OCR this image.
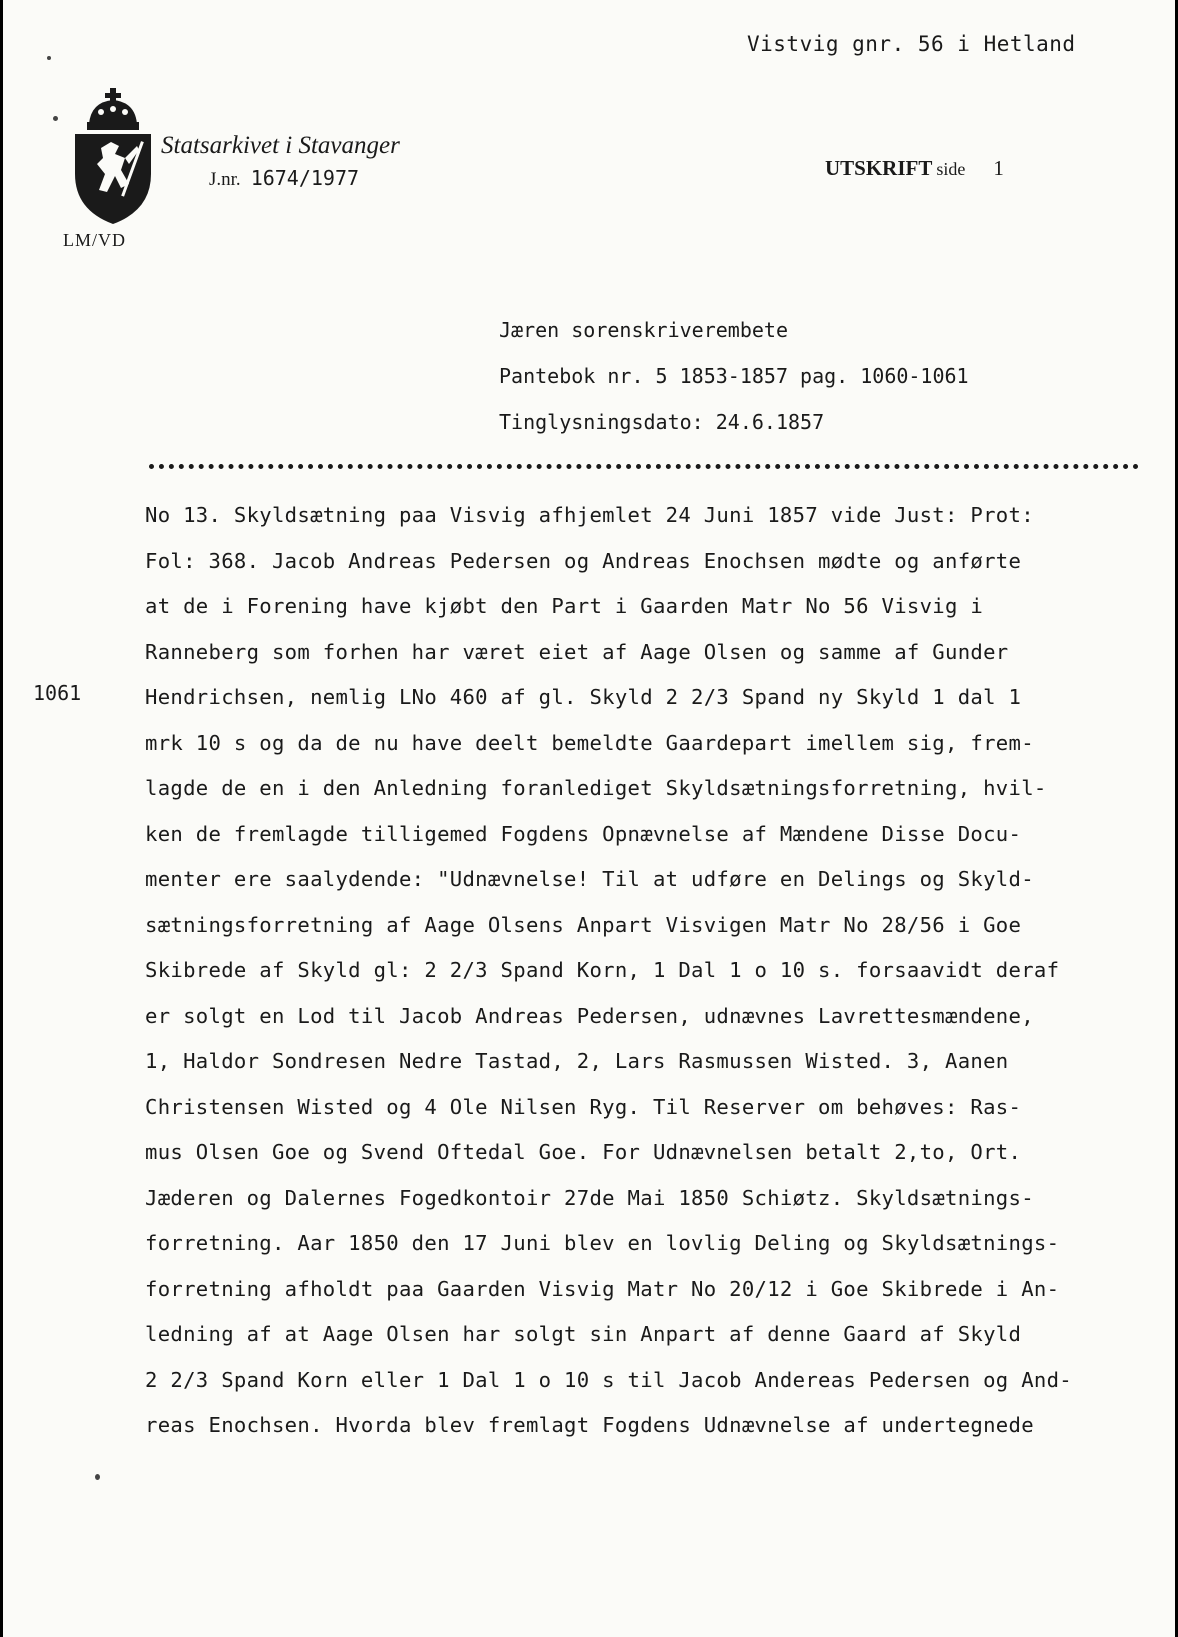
Vistvig gnr. 56 i Hetland
Statsarkivet i Stavanger
J.nr. 1674/1977
LM/VD
UTSKRIFT side 1
Jæren sorenskriverembete
Pantebok nr. 5 1853-1857 pag. 1060-1061
Tinglysningsdato: 24.6.1857
1061
No 13. Skyldsætning paa Visvig afhjemlet 24 Juni 1857 vide Just: Prot:
Fol: 368. Jacob Andreas Pedersen og Andreas Enochsen mødte og anførte
at de i Forening have kjøbt den Part i Gaarden Matr No 56 Visvig i
Ranneberg som forhen har været eiet af Aage Olsen og samme af Gunder
Hendrichsen, nemlig LNo 460 af gl. Skyld 2 2/3 Spand ny Skyld 1 dal 1
mrk 10 s og da de nu have deelt bemeldte Gaardepart imellem sig, frem-
lagde de en i den Anledning foranlediget Skyldsætningsforretning, hvil-
ken de fremlagde tilligemed Fogdens Opnævnelse af Mændene Disse Docu-
menter ere saalydende: "Udnævnelse! Til at udføre en Delings og Skyld-
sætningsforretning af Aage Olsens Anpart Visvigen Matr No 28/56 i Goe
Skibrede af Skyld gl: 2 2/3 Spand Korn, 1 Dal 1 o 10 s. forsaavidt deraf
er solgt en Lod til Jacob Andreas Pedersen, udnævnes Lavrettesmændene,
1, Haldor Sondresen Nedre Tastad, 2, Lars Rasmussen Wisted. 3, Aanen
Christensen Wisted og 4 Ole Nilsen Ryg. Til Reserver om behøves: Ras-
mus Olsen Goe og Svend Oftedal Goe. For Udnævnelsen betalt 2,to, Ort.
Jæderen og Dalernes Fogedkontoir 27de Mai 1850 Schiøtz. Skyldsætnings-
forretning. Aar 1850 den 17 Juni blev en lovlig Deling og Skyldsætnings-
forretning afholdt paa Gaarden Visvig Matr No 20/12 i Goe Skibrede i An-
ledning af at Aage Olsen har solgt sin Anpart af denne Gaard af Skyld
2 2/3 Spand Korn eller 1 Dal 1 o 10 s til Jacob Andereas Pedersen og And-
reas Enochsen. Hvorda blev fremlagt Fogdens Udnævnelse af undertegnede
